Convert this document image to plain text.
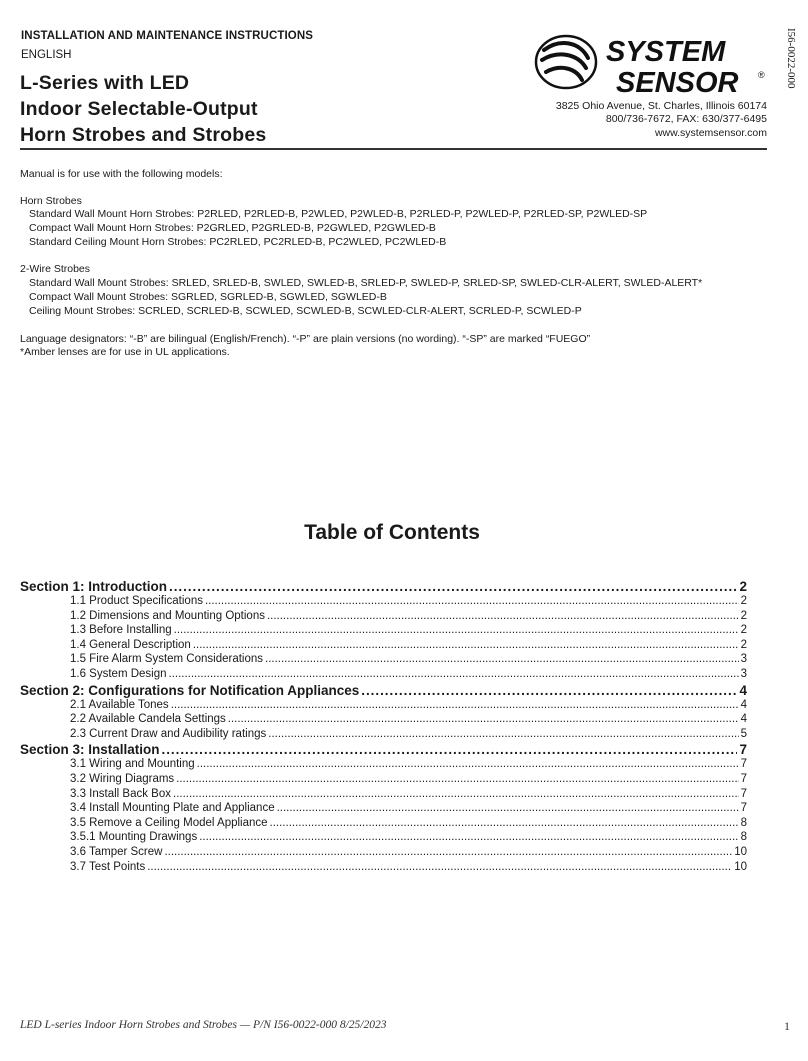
INSTALLATION AND MAINTENANCE INSTRUCTIONS
ENGLISH
L-Series with LED
Indoor Selectable-Output
Horn Strobes and Strobes
I56-0022-000
SYSTEM
SENSOR ®
3825 Ohio Avenue, St. Charles, Illinois 60174
800/736-7672, FAX: 630/377-6495
www.systemsensor.com
Manual is for use with the following models:
Horn Strobes
Standard Wall Mount Horn Strobes: P2RLED, P2RLED-B, P2WLED, P2WLED-B, P2RLED-P, P2WLED-P, P2RLED-SP, P2WLED-SP
Compact Wall Mount Horn Strobes: P2GRLED, P2GRLED-B, P2GWLED, P2GWLED-B
Standard Ceiling Mount Horn Strobes: PC2RLED, PC2RLED-B, PC2WLED, PC2WLED-B
2-Wire Strobes
Standard Wall Mount Strobes: SRLED, SRLED-B, SWLED, SWLED-B, SRLED-P, SWLED-P, SRLED-SP, SWLED-CLR-ALERT, SWLED-ALERT*
Compact Wall Mount Strobes: SGRLED, SGRLED-B, SGWLED, SGWLED-B
Ceiling Mount Strobes: SCRLED, SCRLED-B, SCWLED, SCWLED-B, SCWLED-CLR-ALERT, SCRLED-P, SCWLED-P
Language designators: “-B” are bilingual (English/French). “-P” are plain versions (no wording). “-SP” are marked “FUEGO”
*Amber lenses are for use in UL applications.
Table of Contents
Section 1: Introduction . . .	2
1.1 Product Specifications . . .	2
1.2 Dimensions and Mounting Options . . .	2
1.3 Before Installing . . .	2
1.4 General Description . . .	2
1.5 Fire Alarm System Considerations . . .	3
1.6 System Design . . .	3
Section 2: Configurations for Notification Appliances . . .	4
2.1 Available Tones . . .	4
2.2 Available Candela Settings . . .	4
2.3 Current Draw and Audibility ratings . . .	5
Section 3: Installation . . .	7
3.1 Wiring and Mounting . . .	7
3.2 Wiring Diagrams . . .	7
3.3 Install Back Box . . .	7
3.4 Install Mounting Plate and Appliance . . .	7
3.5 Remove a Ceiling Model Appliance . . .	8
3.5.1 Mounting Drawings . . .	8
3.6 Tamper Screw . . .	10
3.7 Test Points . . .	10
LED L-series Indoor Horn Strobes and Strobes — P/N I56-0022-000 8/25/2023	1
